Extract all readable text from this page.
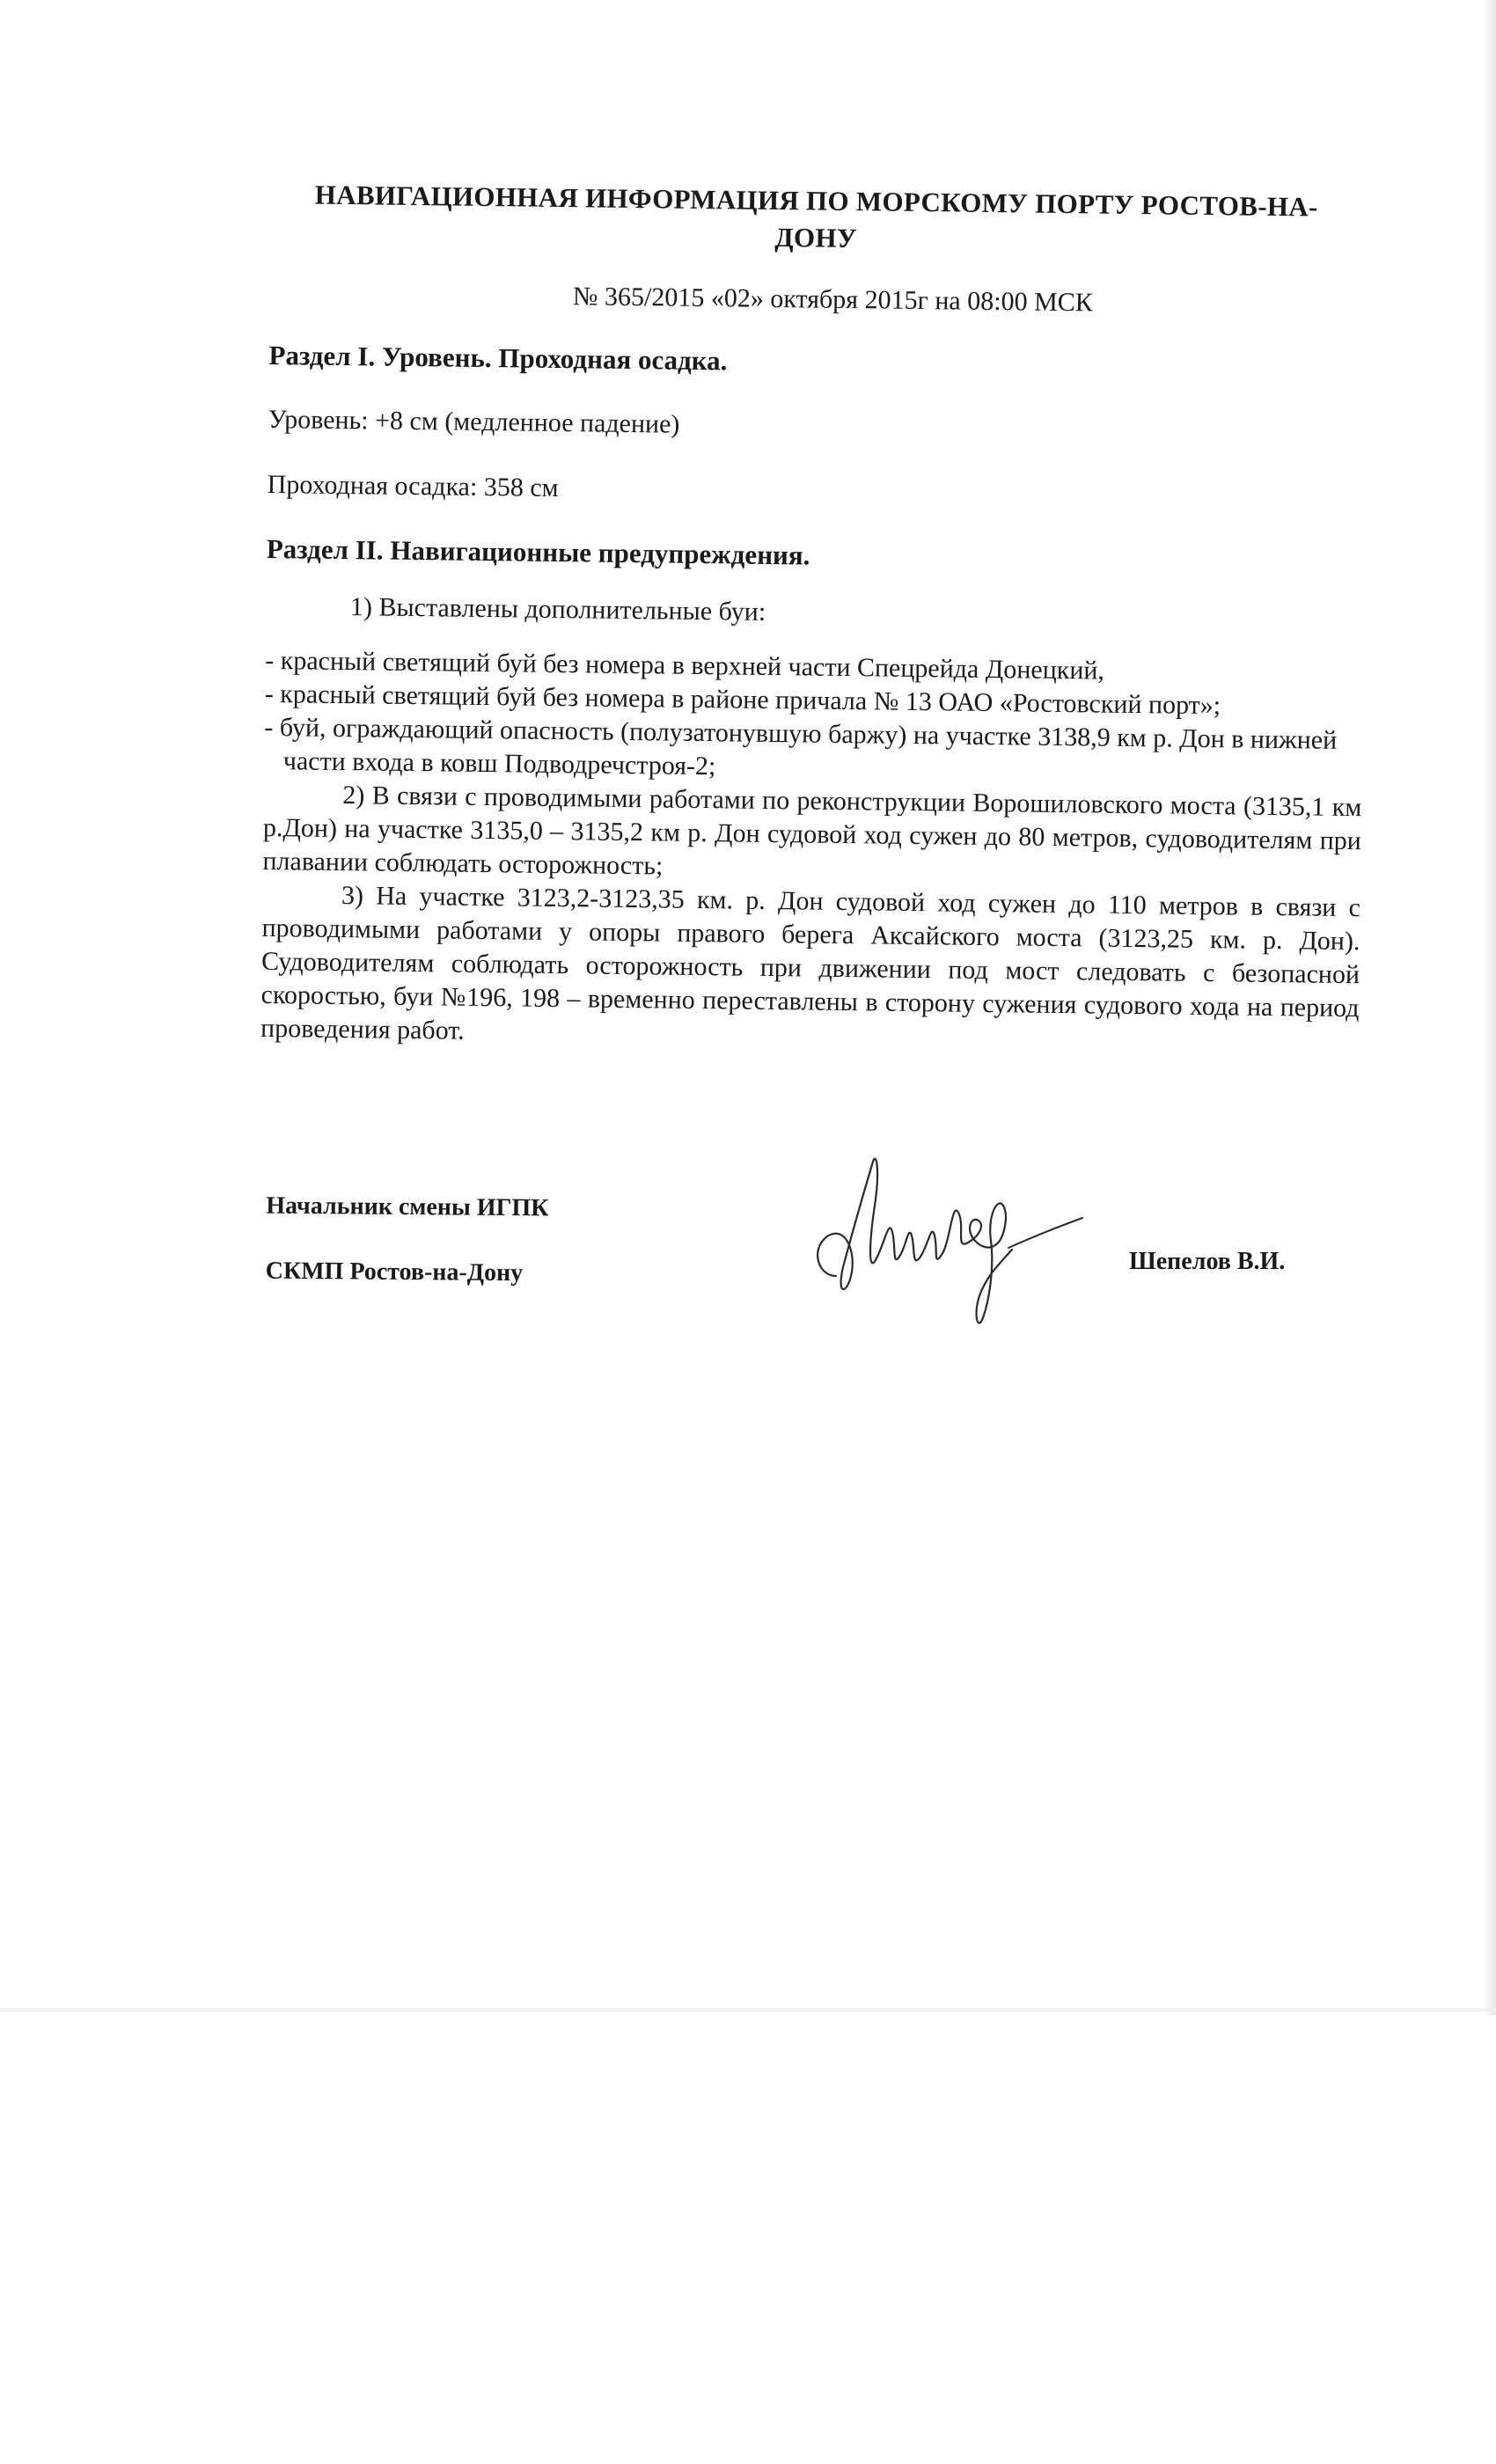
НАВИГАЦИОННАЯ ИНФОРМАЦИЯ ПО МОРСКОМУ ПОРТУ РОСТОВ-НА-ДОНУ
№ 365/2015 «02» октября 2015г на 08:00 МСК
Раздел I. Уровень. Проходная осадка.

Уровень: +8 см (медленное падение)

Проходная осадка: 358 см

Раздел II. Навигационные предупреждения.

1) Выставлены дополнительные буи:

- красный светящий буй без номера в верхней части Спецрейда Донецкий,

- красный светящий буй без номера в районе причала № 13 ОАО «Ростовский порт»;

- буй, ограждающий опасность (полузатонувшую баржу) на участке 3138,9 км р. Дон в нижней части входа в ковш Подводречстроя-2;

2) В связи с проводимыми работами по реконструкции Ворошиловского моста (3135,1 км р.Дон) на участке 3135,0 – 3135,2 км р. Дон судовой ход сужен до 80 метров, судоводителям при плавании соблюдать осторожность;

3) На участке 3123,2-3123,35 км. р. Дон судовой ход сужен до 110 метров в связи с проводимыми работами у опоры правого берега Аксайского моста (3123,25 км. р. Дон). Судоводителям соблюдать осторожность при движении под мост следовать с безопасной скоростью, буи №196, 198 – временно переставлены в сторону сужения судового хода на период проведения работ.

Начальник смены ИГПК
СКМП Ростов-на-Дону	Шепелов В.И.
